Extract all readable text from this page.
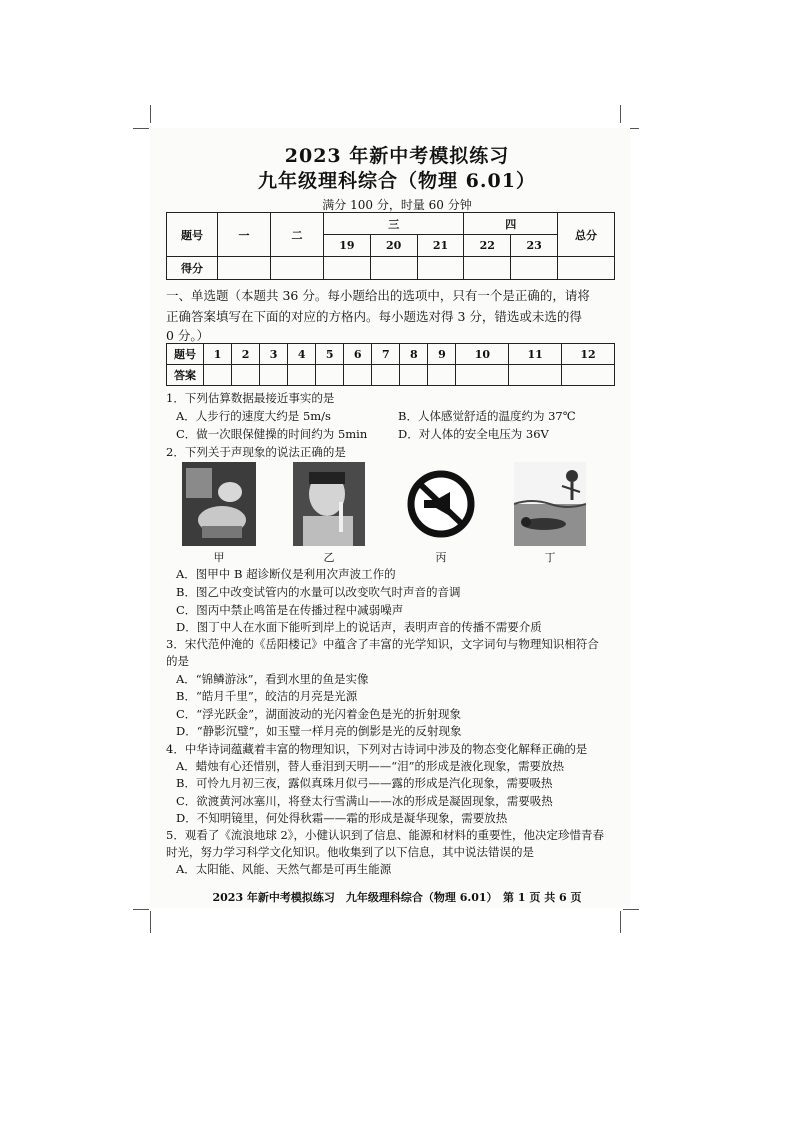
2023 年新中考模拟练习
九年级理科综合（物理 6.01）
满分 100 分，时量 60 分钟
题号	一	二	三			四		总分
			19	20	21	22	23	
得分								
一、单选题（本题共 36 分。每小题给出的选项中，只有一个是正确的，请将
正确答案填写在下面的对应的方格内。每小题选对得 3 分，错选或未选的得
0 分。）
题号	1	2	3	4	5	6	7	8	9	10	11	12
答案												
1．下列估算数据最接近事实的是
A．人步行的速度大约是 5m/s	B．人体感觉舒适的温度约为 37℃
C．做一次眼保健操的时间约为 5min	D．对人体的安全电压为 36V
2．下列关于声现象的说法正确的是
甲	乙	丙	丁
A．图甲中 B 超诊断仪是利用次声波工作的
B．图乙中改变试管内的水量可以改变吹气时声音的音调
C．图丙中禁止鸣笛是在传播过程中减弱噪声
D．图丁中人在水面下能听到岸上的说话声，表明声音的传播不需要介质
3．宋代范仲淹的《岳阳楼记》中蕴含了丰富的光学知识，文字词句与物理知识相符合
的是
A．“锦鳞游泳”，看到水里的鱼是实像
B．“皓月千里”，皎洁的月亮是光源
C．“浮光跃金”，湖面波动的光闪着金色是光的折射现象
D．“静影沉璧”，如玉璧一样月亮的倒影是光的反射现象
4．中华诗词蕴藏着丰富的物理知识，下列对古诗词中涉及的物态变化解释正确的是
A．蜡烛有心还惜别，替人垂泪到天明——“泪”的形成是液化现象，需要放热
B．可怜九月初三夜，露似真珠月似弓——露的形成是汽化现象，需要吸热
C．欲渡黄河冰塞川，将登太行雪满山——冰的形成是凝固现象，需要吸热
D．不知明镜里，何处得秋霜——霜的形成是凝华现象，需要放热
5．观看了《流浪地球 2》，小健认识到了信息、能源和材料的重要性，他决定珍惜青春
时光，努力学习科学文化知识。他收集到了以下信息，其中说法错误的是
A．太阳能、风能、天然气都是可再生能源
2023 年新中考模拟练习　九年级理科综合（物理 6.01）　第 1 页 共 6 页
